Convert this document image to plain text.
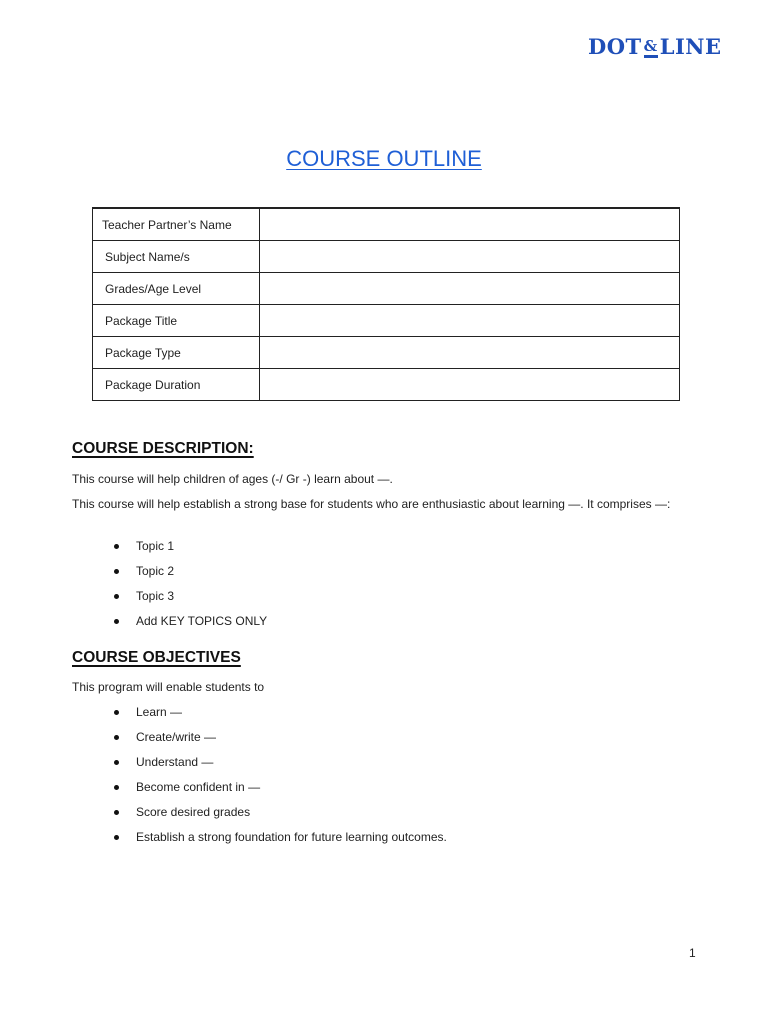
DOT &LINE
COURSE OUTLINE
Teacher Partner’s Name	
Subject Name/s	
Grades/Age Level	
Package Title	
Package Type	
Package Duration	
COURSE DESCRIPTION:
This course will help children of ages (-/ Gr -) learn about —.
This course will help establish a strong base for students who are enthusiastic about learning —. It comprises —:
Topic 1
Topic 2
Topic 3
Add KEY TOPICS ONLY
COURSE OBJECTIVES
This program will enable students to
Learn —
Create/write —
Understand —
Become confident in —
Score desired grades
Establish a strong foundation for future learning outcomes.
1
